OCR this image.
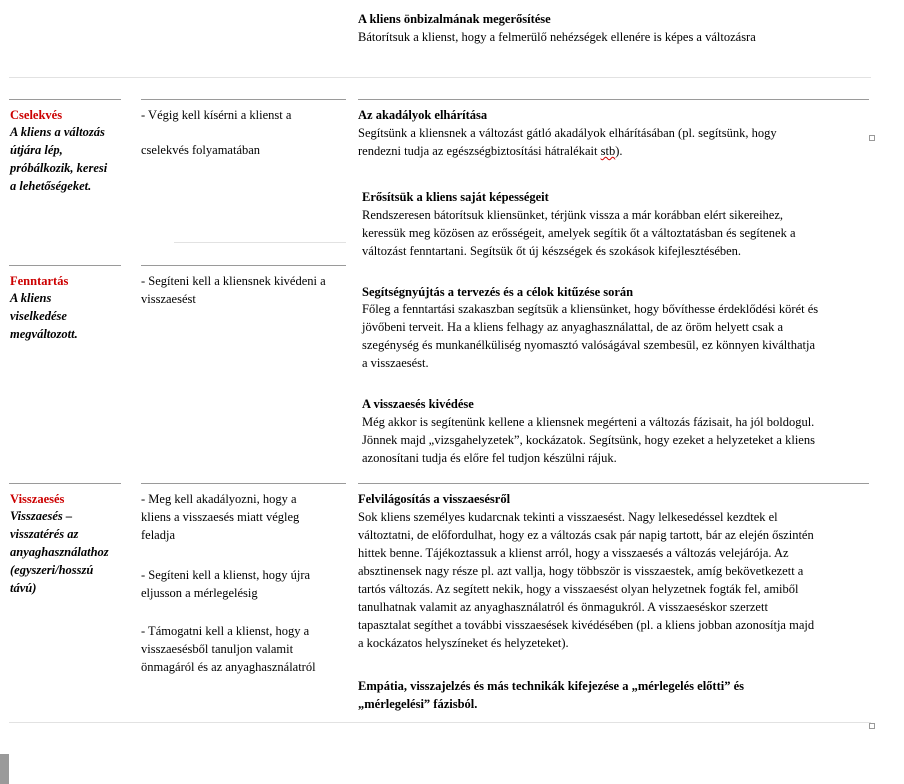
A kliens önbizalmának megerősítése
Bátorítsuk a klienst, hogy a felmerülő nehézségek ellenére is képes a változásra
Cselekvés
A kliens a változás
útjára lép,
próbálkozik, keresi
a lehetőségeket.
- Végig kell kísérni a klienst a
cselekvés folyamatában
Az akadályok elhárítása
Segítsünk a kliensnek a változást gátló akadályok elhárításában (pl. segítsünk, hogy
rendezni tudja az egészségbiztosítási hátralékait stb).
Erősítsük a kliens saját képességeit
Rendszeresen bátorítsuk kliensünket, térjünk vissza a már korábban elért sikereihez,
keressük meg közösen az erősségeit, amelyek segítik őt a változtatásban és segítenek a
változást fenntartani. Segítsük őt új készségek és szokások kifejlesztésében.
Fenntartás
A kliens
viselkedése
megváltozott.
- Segíteni kell a kliensnek kivédeni a
visszaesést	Segítségnyújtás a tervezés és a célok kitűzése során
Főleg a fenntartási szakaszban segítsük a kliensünket, hogy bővíthesse érdeklődési körét és
jövőbeni terveit. Ha a kliens felhagy az anyaghasználattal, de az öröm helyett csak a
szegénység és munkanélküliség nyomasztó valóságával szembesül, ez könnyen kiválthatja
a visszaesést.
A visszaesés kivédése
Még akkor is segítenünk kellene a kliensnek megérteni a változás fázisait, ha jól boldogul.
Jönnek majd „vizsgahelyzetek”, kockázatok. Segítsünk, hogy ezeket a helyzeteket a kliens
azonosítani tudja és előre fel tudjon készülni rájuk.
Visszaesés
Visszaesés –
visszatérés az
anyaghasználathoz
(egyszeri/hosszú
távú)
- Meg kell akadályozni, hogy a
kliens a visszaesés miatt végleg
feladja
- Segíteni kell a klienst, hogy újra
eljusson a mérlegelésig
- Támogatni kell a klienst, hogy a
visszaesésből tanuljon valamit
önmagáról és az anyaghasználatról
Felvilágosítás a visszaesésről
Sok kliens személyes kudarcnak tekinti a visszaesést. Nagy lelkesedéssel kezdtek el
változtatni, de előfordulhat, hogy ez a változás csak pár napig tartott, bár az elején őszintén
hittek benne. Tájékoztassuk a klienst arról, hogy a visszaesés a változás velejárója. Az
absztinensek nagy része pl. azt vallja, hogy többször is visszaestek, amíg bekövetkezett a
tartós változás. Az segített nekik, hogy a visszaesést olyan helyzetnek fogták fel, amiből
tanulhatnak valamit az anyaghasználatról és önmagukról. A visszaeséskor szerzett
tapasztalat segíthet a további visszaesések kivédésében (pl. a kliens jobban azonosítja majd
a kockázatos helyszíneket és helyzeteket).
Empátia, visszajelzés és más technikák kifejezése a „mérlegelés előtti” és
„mérlegelési” fázisból.
